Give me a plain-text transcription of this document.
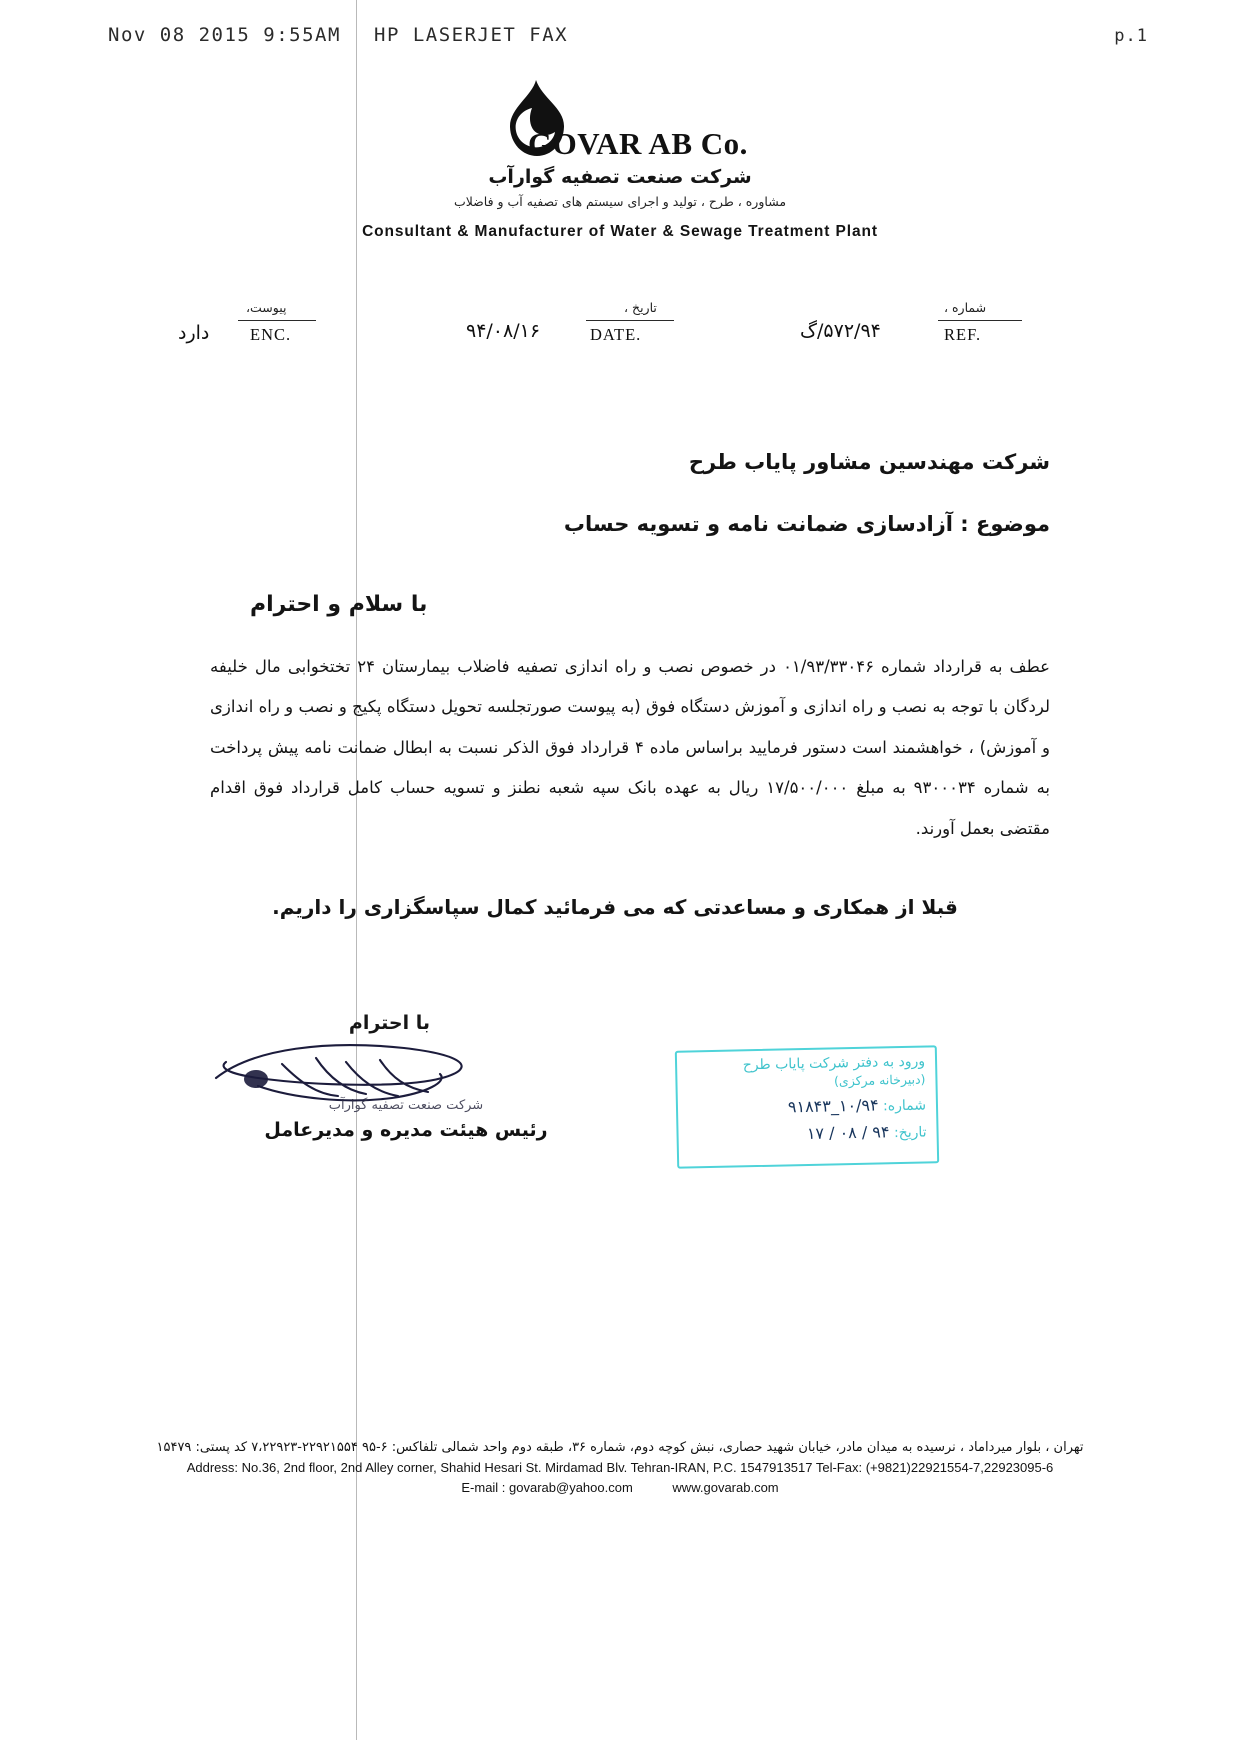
Nov 08 2015 9:55AM HP LASERJET FAX	p.1
GOVAR AB Co.
شرکت صنعت تصفیه گوارآب
مشاوره ، طرح ، تولید و اجرای سیستم های تصفیه آب و فاضلاب
Consultant & Manufacturer of Water & Sewage Treatment Plant
پیوست،
ENC.
دارد
تاریخ ،
DATE.
۹۴/۰۸/۱۶
شماره ،
REF.
۵۷۲/۹۴/گ
شرکت مهندسین مشاور پایاب طرح
موضوع : آزادسازی ضمانت نامه و تسویه حساب
با سلام و احترام
عطف به قرارداد شماره ۰۱/۹۳/۳۳۰۴۶ در خصوص نصب و راه اندازی تصفیه فاضلاب بیمارستان ۲۴ تختخوابی مال خلیفه لردگان با توجه به نصب و راه اندازی و آموزش دستگاه فوق (به پیوست صورتجلسه تحویل دستگاه پکیج و نصب و راه اندازی و آموزش) ، خواهشمند است دستور فرمایید براساس ماده ۴ قرارداد فوق الذکر نسبت به ابطال ضمانت نامه پیش پرداخت به شماره ۹۳۰۰۰۳۴ به مبلغ ۱۷/۵۰۰/۰۰۰ ریال به عهده بانک سپه شعبه نطنز و تسویه حساب کامل قرارداد فوق اقدام مقتضی بعمل آورند.
قبلا از همکاری و مساعدتی که می فرمائید کمال سپاسگزاری را داریم.
با احترام
شرکت صنعت تصفیه گوارآب
رئیس هیئت مدیره و مدیرعامل
ورود به دفتر شرکت پایاب طرح
(دبیرخانه مرکزی)
شماره: ۱۰/۹۴_۹۱۸۴۳
تاریخ: ۹۴ / ۰۸ / ۱۷
تهران ، بلوار میرداماد ، نرسیده به میدان مادر، خیابان شهید حصاری، نبش کوچه دوم، شماره ۳۶، طبقه دوم واحد شمالی تلفاکس: ۶-۹۵ ۲۲۹۲۱۵۵۴-۷،۲۲۹۲۳ کد پستی: ۱۵۴۷۹
Address: No.36, 2nd floor, 2nd Alley corner, Shahid Hesari St. Mirdamad Blv. Tehran-IRAN, P.C. 1547913517 Tel-Fax: (+9821)22921554-7,22923095-6
E-mail : govarab@yahoo.com	www.govarab.com
